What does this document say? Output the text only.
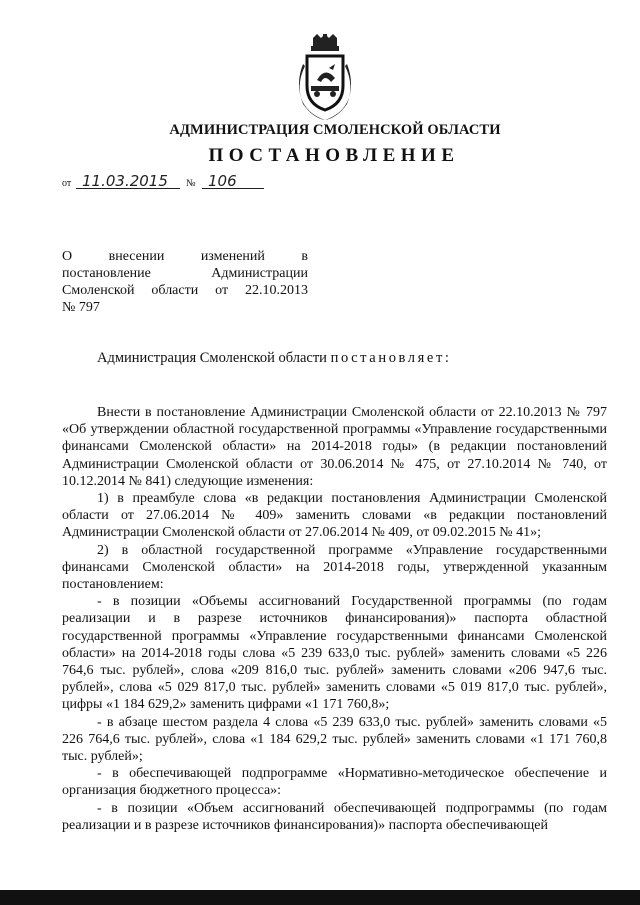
АДМИНИСТРАЦИЯ СМОЛЕНСКОЙ ОБЛАСТИ
ПОСТАНОВЛЕНИЕ
от 11.03.2015 № 106
О	внесении	изменений	в
постановление	Администрации
Смоленской области от 22.10.2013
№ 797
Администрация Смоленской области постановляет:

Внести в постановление Администрации Смоленской области от 22.10.2013 № 797 «Об утверждении областной государственной программы «Управление государственными финансами Смоленской области» на 2014-2018 годы» (в редакции постановлений Администрации Смоленской области от 30.06.2014 № 475, от 27.10.2014 № 740, от 10.12.2014 № 841) следующие изменения:

1) в преамбуле слова «в редакции постановления Администрации Смоленской области от 27.06.2014 № 409» заменить словами «в редакции постановлений Администрации Смоленской области от 27.06.2014 № 409, от 09.02.2015 № 41»;

2) в областной государственной программе «Управление государственными финансами Смоленской области» на 2014-2018 годы, утвержденной указанным постановлением:

- в позиции «Объемы ассигнований Государственной программы (по годам реализации и в разрезе источников финансирования)» паспорта областной государственной программы «Управление государственными финансами Смоленской области» на 2014-2018 годы слова «5 239 633,0 тыс. рублей» заменить словами «5 226 764,6 тыс. рублей», слова «209 816,0 тыс. рублей» заменить словами «206 947,6 тыс. рублей», слова «5 029 817,0 тыс. рублей» заменить словами «5 019 817,0 тыс. рублей», цифры «1 184 629,2» заменить цифрами «1 171 760,8»;

- в абзаце шестом раздела 4 слова «5 239 633,0 тыс. рублей» заменить словами «5 226 764,6 тыс. рублей», слова «1 184 629,2 тыс. рублей» заменить словами «1 171 760,8 тыс. рублей»;

- в обеспечивающей подпрограмме «Нормативно-методическое обеспечение и организация бюджетного процесса»:

- в позиции «Объем ассигнований обеспечивающей подпрограммы (по годам реализации и в разрезе источников финансирования)» паспорта обеспечивающей
